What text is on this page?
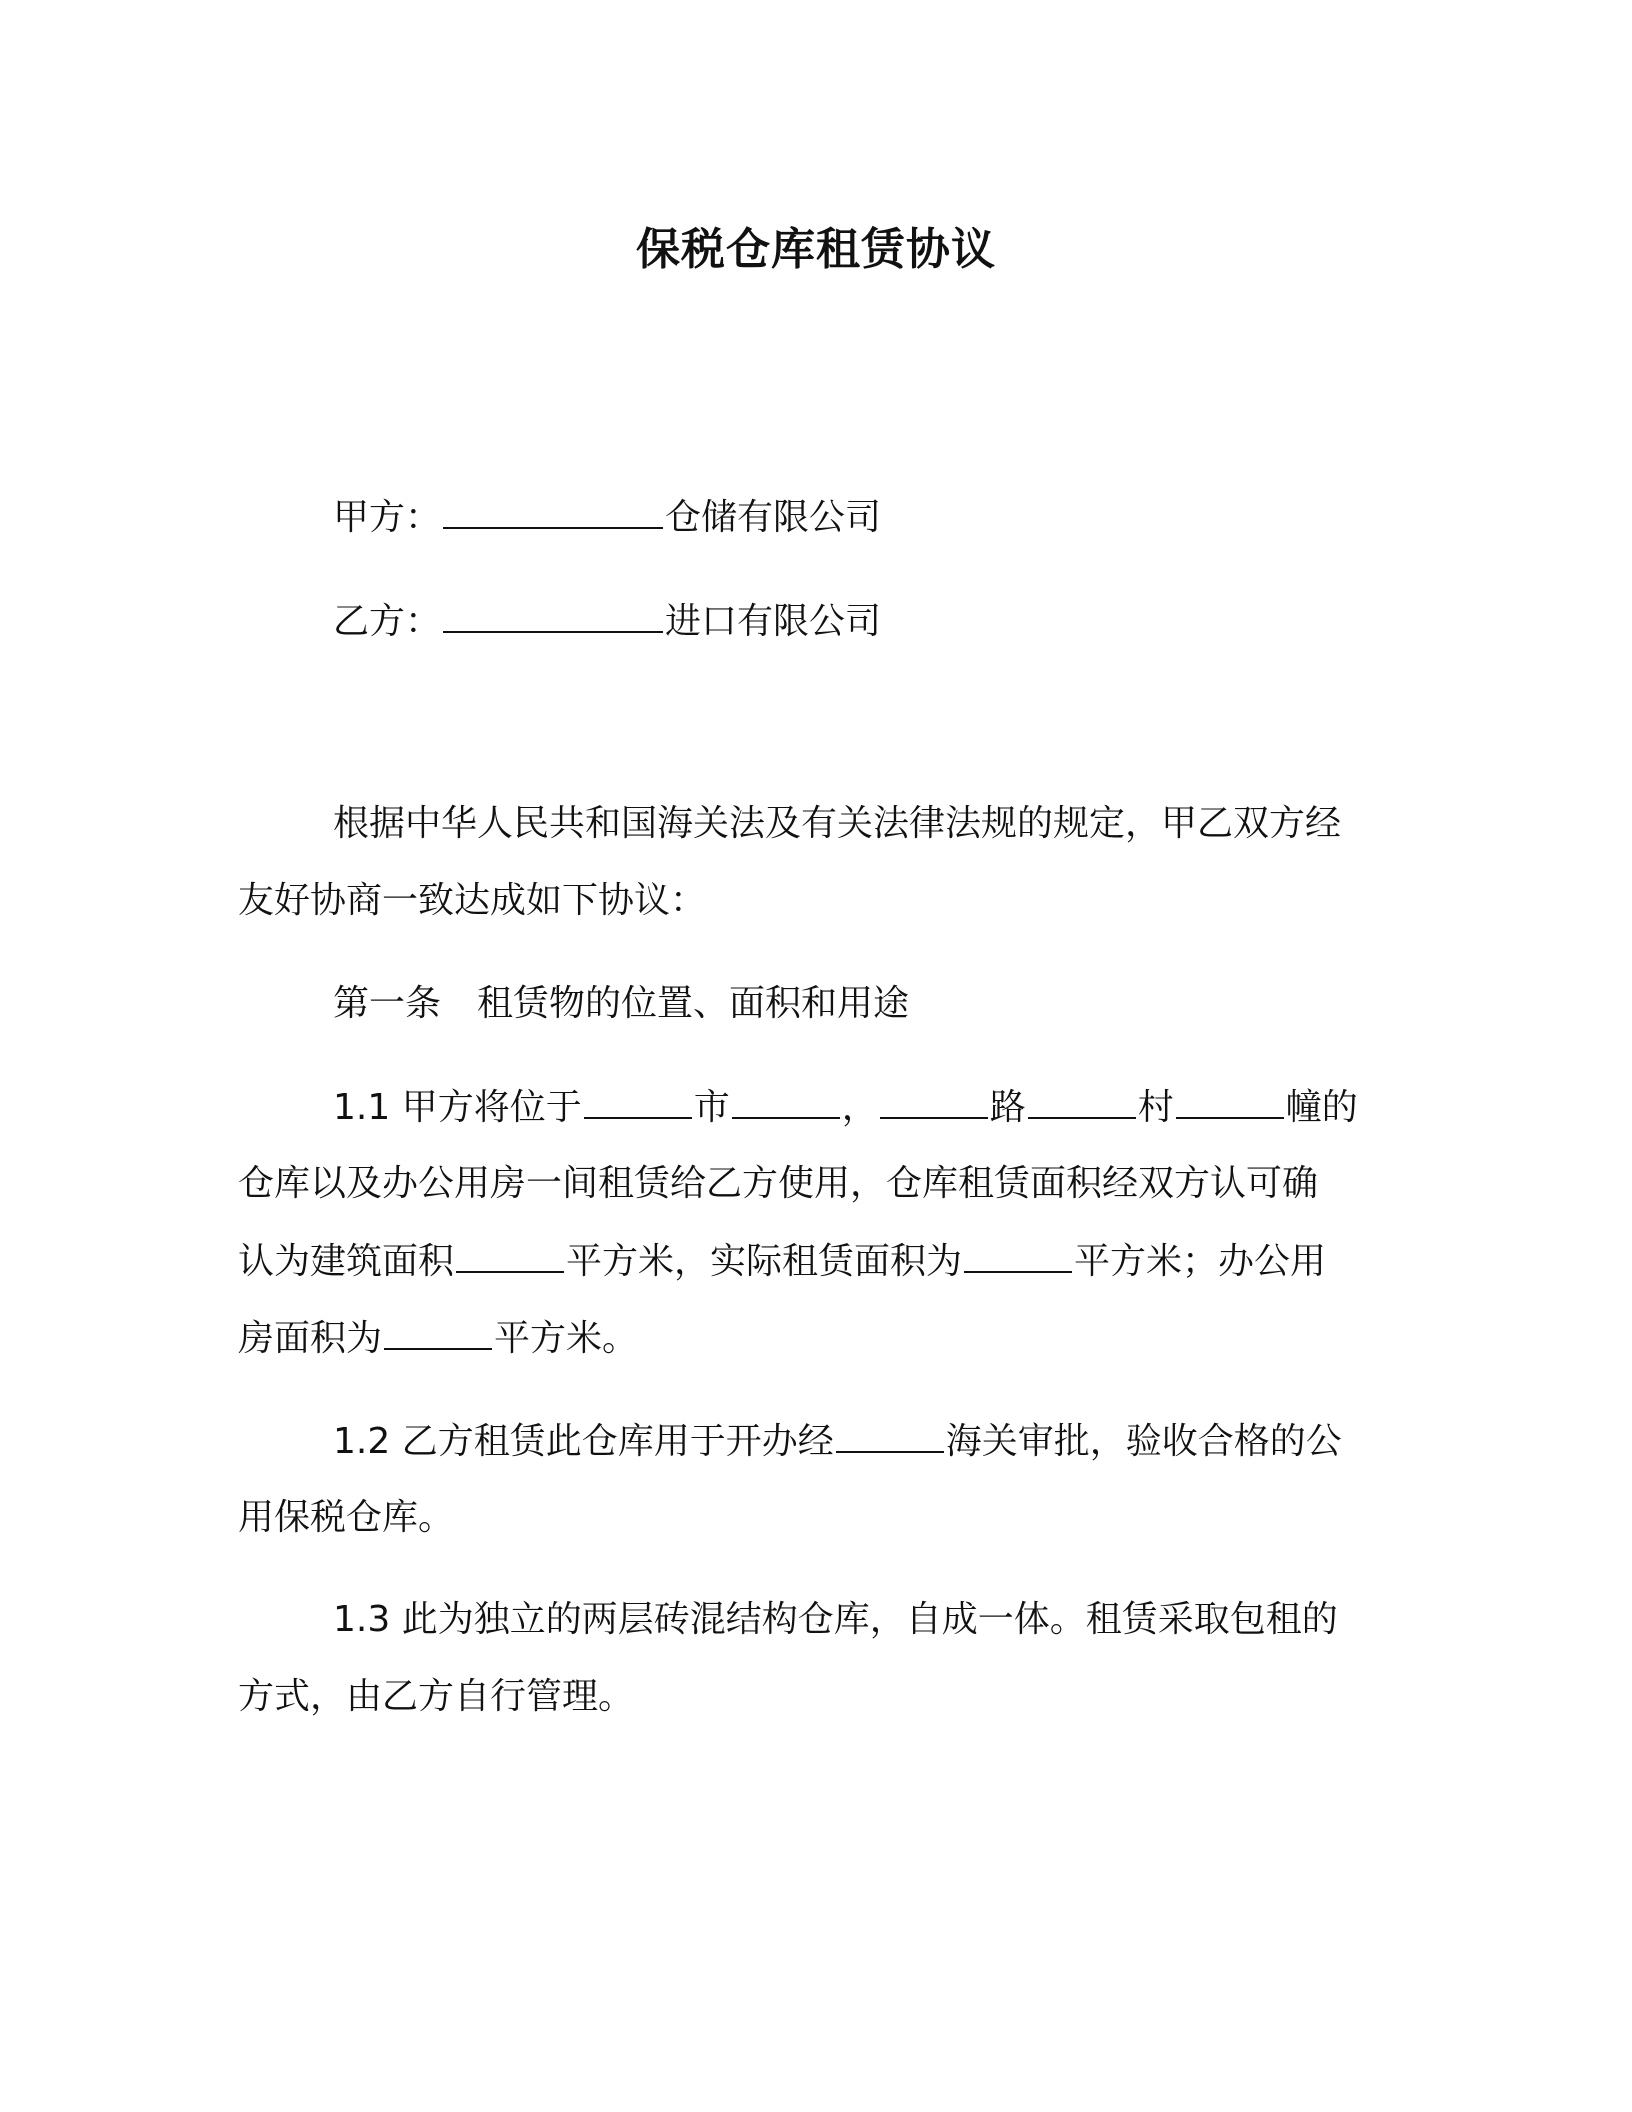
保税仓库租赁协议
甲方：	仓储有限公司
乙方：	进口有限公司
根据中华人民共和国海关法及有关法律法规的规定，甲乙双方经
友好协商一致达成如下协议：
第一条　租赁物的位置、面积和用途
1.1 甲方将位于	市	，	路	村	幢的
仓库以及办公用房一间租赁给乙方使用，仓库租赁面积经双方认可确
认为建筑面积	平方米，实际租赁面积为	平方米；办公用
房面积为	平方米。
1.2 乙方租赁此仓库用于开办经	海关审批，验收合格的公
用保税仓库。
1.3 此为独立的两层砖混结构仓库，自成一体。租赁采取包租的
方式，由乙方自行管理。
